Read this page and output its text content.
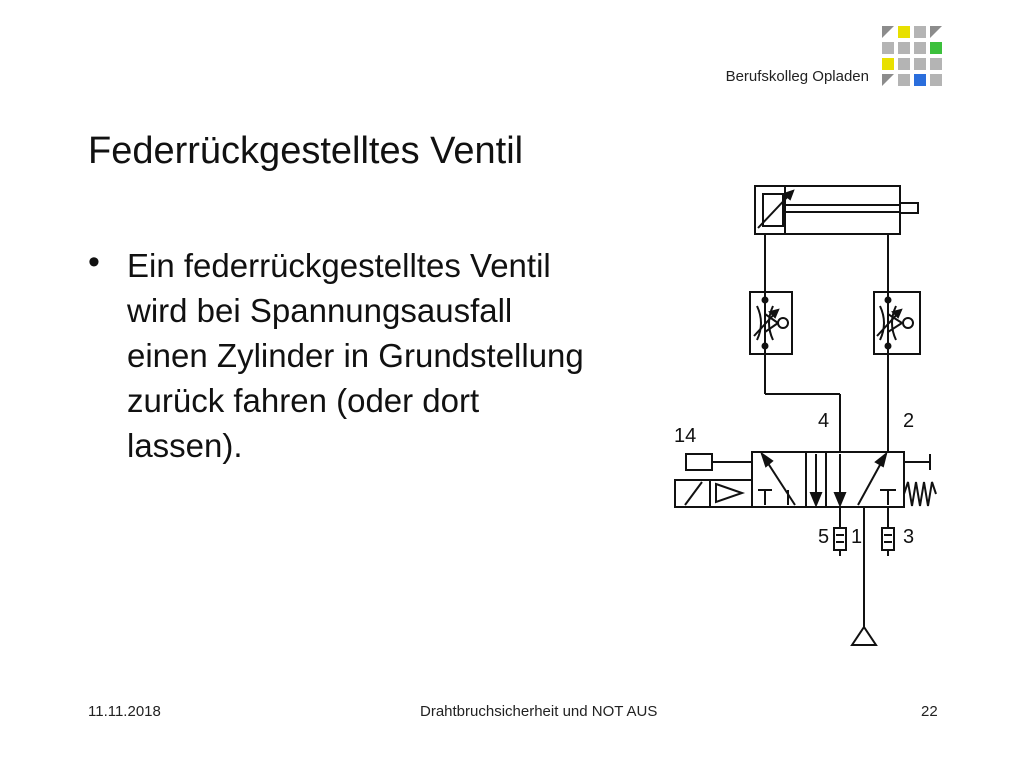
Berufskolleg Opladen
Federrückgestelltes Ventil
• Ein federrückgestelltes Ventil wird bei Spannungsausfall einen Zylinder in Grundstellung zurück fahren (oder dort lassen).	14
4	2
5 1 3
11.11.2018	Drahtbruchsicherheit und NOT AUS	22
